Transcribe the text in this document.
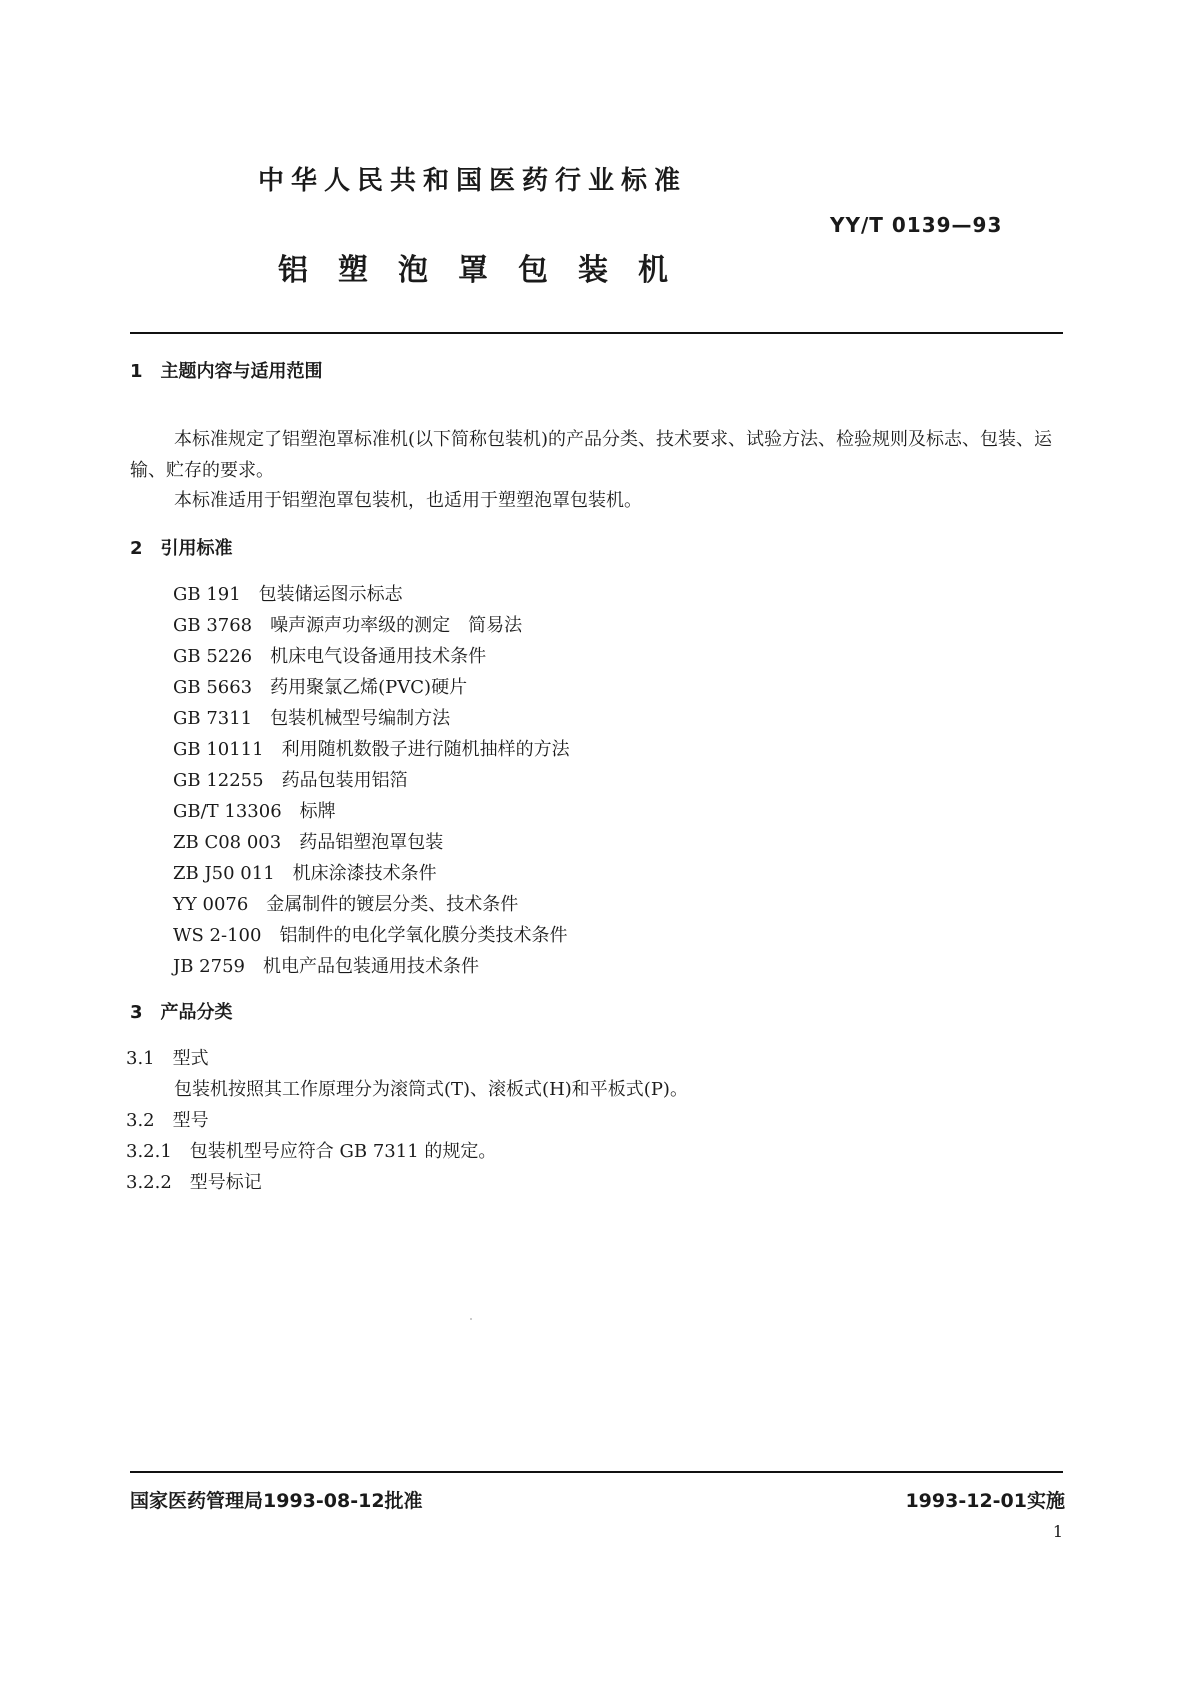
中华人民共和国医药行业标准
YY/T 0139—93
铝塑泡罩包装机
1　主题内容与适用范围
本标准规定了铝塑泡罩标准机(以下简称包装机)的产品分类、技术要求、试验方法、检验规则及标志、包装、运输、贮存的要求。
本标准适用于铝塑泡罩包装机，也适用于塑塑泡罩包装机。
2　引用标准
GB 191　包装储运图示标志
GB 3768　噪声源声功率级的测定　简易法
GB 5226　机床电气设备通用技术条件
GB 5663　药用聚氯乙烯(PVC)硬片
GB 7311　包装机械型号编制方法
GB 10111　利用随机数骰子进行随机抽样的方法
GB 12255　药品包装用铝箔
GB/T 13306　标牌
ZB C08 003　药品铝塑泡罩包装
ZB J50 011　机床涂漆技术条件
YY 0076　金属制件的镀层分类、技术条件
WS 2-100　铝制件的电化学氧化膜分类技术条件
JB 2759　机电产品包装通用技术条件
3　产品分类
3.1　型式
包装机按照其工作原理分为滚筒式(T)、滚板式(H)和平板式(P)。
3.2　型号
3.2.1　包装机型号应符合 GB 7311 的规定。
3.2.2　型号标记
国家医药管理局1993-08-12批准	1993-12-01实施
1
